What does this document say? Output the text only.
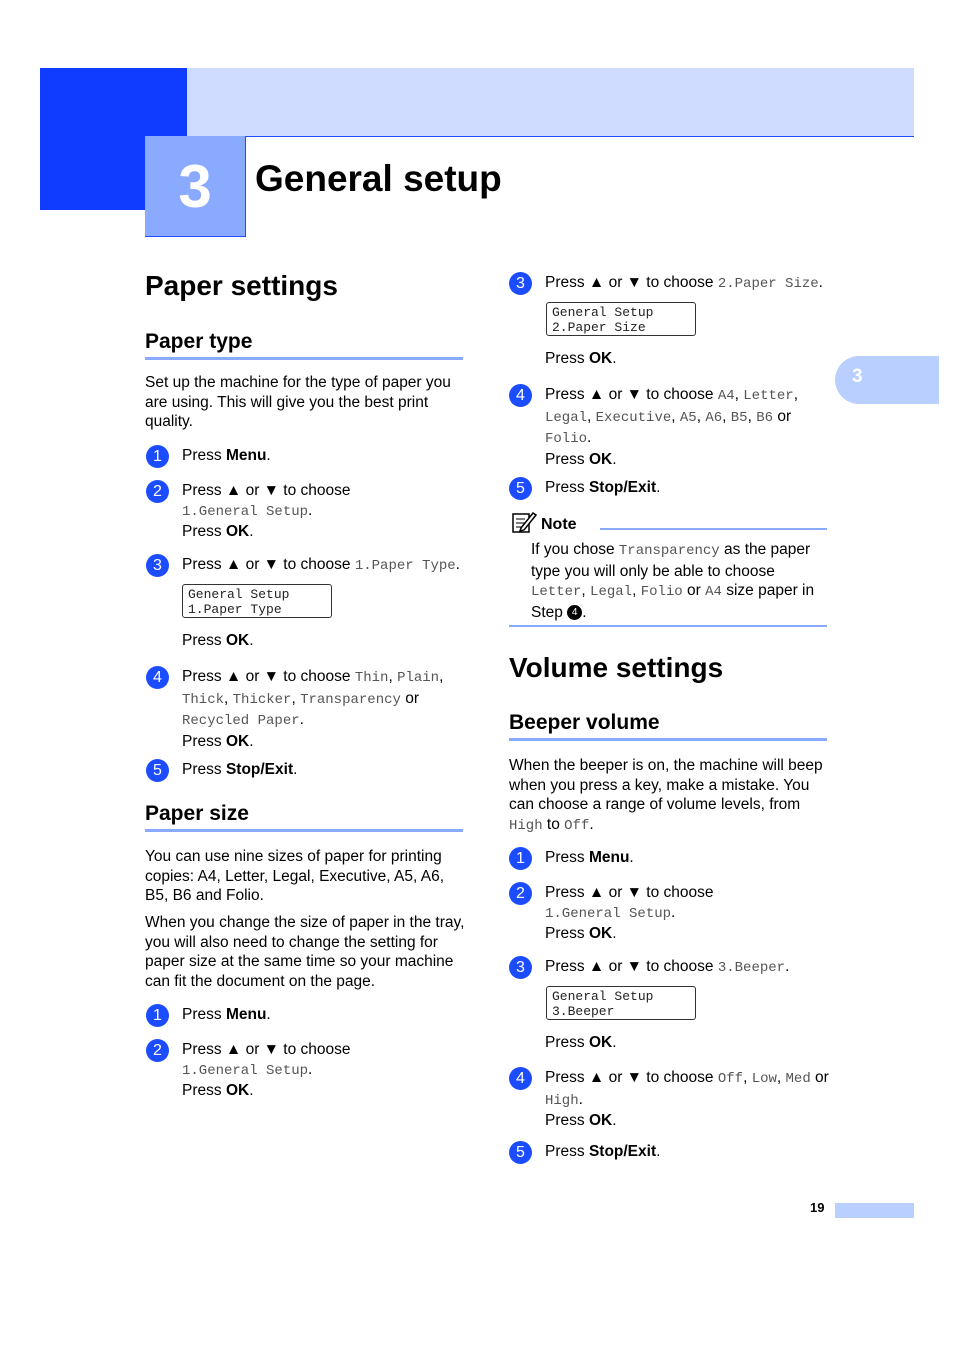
3	General setup
3
Paper settings
Paper type

Set up the machine for the type of paper you are using. This will give you the best print quality.

1	Press Menu.
2	Press ▲ or ▼ to choose
1.General Setup.
Press OK.
3	Press ▲ or ▼ to choose 1.Paper Type.
General Setup
1.Paper Type
Press OK.
4	Press ▲ or ▼ to choose Thin, Plain,
Thick, Thicker, Transparency or
Recycled Paper.
Press OK.
5	Press Stop/Exit.
Paper size

You can use nine sizes of paper for printing copies: A4, Letter, Legal, Executive, A5, A6, B5, B6 and Folio.

When you change the size of paper in the tray, you will also need to change the setting for paper size at the same time so your machine can fit the document on the page.

1	Press Menu.
2	Press ▲ or ▼ to choose
1.General Setup.
Press OK.
3	Press ▲ or ▼ to choose 2.Paper Size.
General Setup
2.Paper Size
Press OK.
4	Press ▲ or ▼ to choose A4, Letter,
Legal, Executive, A5, A6, B5, B6 or
Folio.
Press OK.
5	Press Stop/Exit.
Note
If you chose Transparency as the paper type you will only be able to choose Letter, Legal, Folio or A4 size paper in Step 4 .
Volume settings
Beeper volume
When the beeper is on, the machine will beep when you press a key, make a mistake. You can choose a range of volume levels, from High to Off.
1	Press Menu.
2	Press ▲ or ▼ to choose
1.General Setup.
Press OK.
3	Press ▲ or ▼ to choose 3.Beeper.
General Setup
3.Beeper
Press OK.
4	Press ▲ or ▼ to choose Off, Low, Med or
High.
Press OK.
5	Press Stop/Exit.
19
